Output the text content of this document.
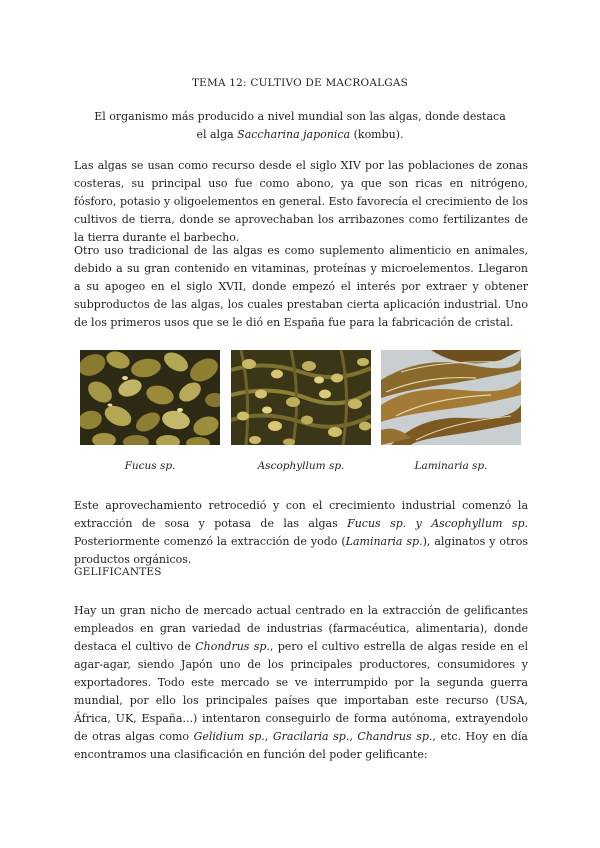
TEMA 12: CULTIVO DE MACROALGAS
El organismo más producido a nivel mundial son las algas, donde destaca
el alga Saccharina japonica (kombu).

Las algas se usan como recurso desde el siglo XIV por las poblaciones de zonas costeras, su principal uso fue como abono, ya que son ricas en nitrógeno, fósforo, potasio y oligoelementos en general. Esto favorecía el crecimiento de los cultivos de tierra, donde se aprovechaban los arribazones como fertilizantes de la tierra durante el barbecho.

Otro uso tradicional de las algas es como suplemento alimenticio en animales, debido a su gran contenido en vitaminas, proteínas y microelementos. Llegaron a su apogeo en el siglo XVII, donde empezó el interés por extraer y obtener subproductos de las algas, los cuales prestaban cierta aplicación industrial. Uno de los primeros usos que se le dió en España fue para la fabricación de cristal.

Fucus sp.	Ascophyllum sp.	Laminaria sp.

Este aprovechamiento retrocedió y con el crecimiento industrial comenzó la extracción de sosa y potasa de las algas Fucus sp. y Ascophyllum sp. Posteriormente comenzó la extracción de yodo (Laminaria sp.), alginatos y otros productos orgánicos.

GELIFICANTES

Hay un gran nicho de mercado actual centrado en la extracción de gelificantes empleados en gran variedad de industrias (farmacéutica, alimentaria), donde destaca el cultivo de Chondrus sp., pero el cultivo estrella de algas reside en el agar-agar, siendo Japón uno de los principales productores, consumidores y exportadores. Todo este mercado se ve interrumpido por la segunda guerra mundial, por ello los principales países que importaban este recurso (USA, África, UK, España...) intentaron conseguirlo de forma autónoma, extrayendolo de otras algas como Gelidium sp., Gracilaria sp., Chandrus sp., etc. Hoy en día encontramos una clasificación en función del poder gelificante:
